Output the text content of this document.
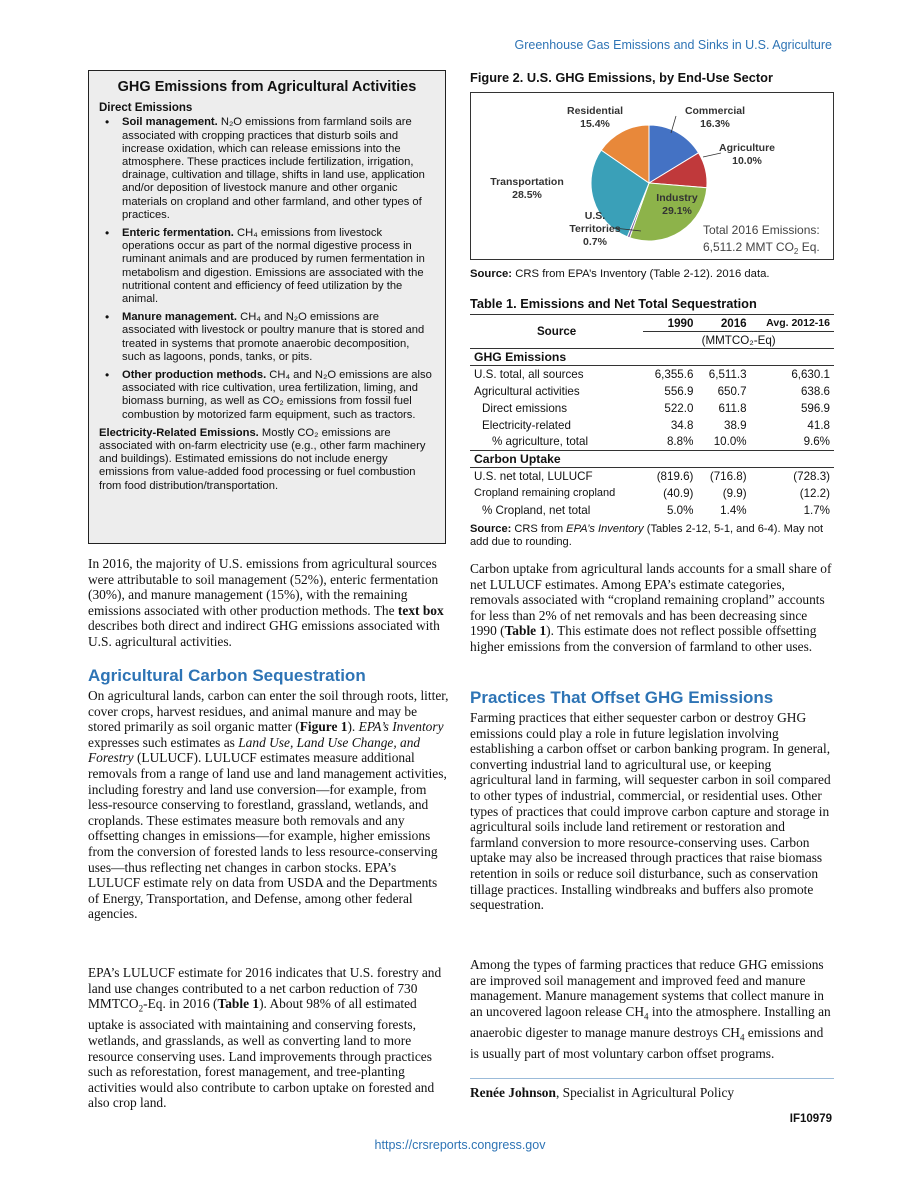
Greenhouse Gas Emissions and Sinks in U.S. Agriculture
GHG Emissions from Agricultural Activities
Direct Emissions
• Soil management. N₂O emissions from farmland soils are associated with cropping practices that disturb soils and increase oxidation, which can release emissions into the atmosphere. These practices include fertilization, irrigation, drainage, cultivation and tillage, shifts in land use, application and/or deposition of livestock manure and other organic materials on cropland and other farmland, and other types of practices.
• Enteric fermentation. CH₄ emissions from livestock operations occur as part of the normal digestive process in ruminant animals and are produced by rumen fermentation in metabolism and digestion. Emissions are associated with the nutritional content and efficiency of feed utilization by the animal.
• Manure management. CH₄ and N₂O emissions are associated with livestock or poultry manure that is stored and treated in systems that promote anaerobic decomposition, such as lagoons, ponds, tanks, or pits.
• Other production methods. CH₄ and N₂O emissions are also associated with rice cultivation, urea fertilization, liming, and biomass burning, as well as CO₂ emissions from fossil fuel combustion by motorized farm equipment, such as tractors.

Electricity-Related Emissions. Mostly CO₂ emissions are associated with on-farm electricity use (e.g., other farm machinery and buildings). Estimated emissions do not include energy emissions from value-added food processing or fuel combustion from food distribution/transportation.

In 2016, the majority of U.S. emissions from agricultural sources were attributable to soil management (52%), enteric fermentation (30%), and manure management (15%), with the remaining emissions associated with other production methods. The text box describes both direct and indirect GHG emissions associated with U.S. agricultural activities.

Agricultural Carbon Sequestration

On agricultural lands, carbon can enter the soil through roots, litter, cover crops, harvest residues, and animal manure and may be stored primarily as soil organic matter (Figure 1). EPA’s Inventory expresses such estimates as Land Use, Land Use Change, and Forestry (LULUCF). LULUCF estimates measure additional removals from a range of land use and land management activities, including forestry and land use conversion—for example, from less-resource conserving to forestland, grassland, wetlands, and croplands. These estimates measure both removals and any offsetting changes in emissions—for example, higher emissions from the conversion of forested lands to less resource-conserving uses—thus reflecting net changes in carbon stocks. EPA’s LULUCF estimate rely on data from USDA and the Departments of Energy, Transportation, and Defense, among other federal agencies.

EPA’s LULUCF estimate for 2016 indicates that U.S. forestry and land use changes contributed to a net carbon reduction of 730 $MMTCO_2-Eq$. in 2016 (Table 1). About 98% of all estimated uptake is associated with maintaining and conserving forests, wetlands, and grasslands, as well as converting land to more resource conserving uses. Land improvements through practices such as reforestation, forest management, and tree-planting activities would also contribute to carbon uptake on forested and also crop land.

Figure 2. U.S. GHG Emissions, by End-Use Sector
Commercial
16.3%
Agriculture
10.0%
Industry
29.1%
U.S.
Territories
0.7%
Transportation
28.5%
Residential
15.4%
Total 2016 Emissions:
6,511.2 MMT $CO_2$ Eq.
Source: CRS from EPA’s Inventory (Table 2-12). 2016 data.
Table 1. Emissions and Net Total Sequestration
Source	1990	2016	Avg. 2012-16
	(MMTCO₂-Eq)		
GHG Emissions			
U.S. total, all sources	6,355.6	6,511.3	6,630.1
Agricultural activities	556.9	650.7	638.6
Direct emissions	522.0	611.8	596.9
Electricity-related	34.8	38.9	41.8
% agriculture, total	8.8%	10.0%	9.6%
Carbon Uptake			
U.S. net total, LULUCF	(819.6)	(716.8)	(728.3)
Cropland remaining cropland	(40.9)	(9.9)	(12.2)
% Cropland, net total	5.0%	1.4%	1.7%
Source: CRS from EPA’s Inventory (Tables 2-12, 5-1, and 6-4). May not add due to rounding.

Carbon uptake from agricultural lands accounts for a small share of net LULUCF estimates. Among EPA’s estimate categories, removals associated with “cropland remaining cropland” accounts for less than 2% of net removals and has been decreasing since 1990 (Table 1). This estimate does not reflect possible offsetting higher emissions from the conversion of farmland to other uses.

Practices That Offset GHG Emissions

Farming practices that either sequester carbon or destroy GHG emissions could play a role in future legislation involving establishing a carbon offset or carbon banking program. In general, converting industrial land to agricultural use, or keeping agricultural land in farming, will sequester carbon in soil compared to other types of industrial, commercial, or residential uses. Other types of practices that could improve carbon capture and storage in agricultural soils include land retirement or restoration and farmland conversion to more resource-conserving uses. Carbon uptake may also be increased through practices that raise biomass retention in soils or reduce soil disturbance, such as conservation tillage practices. Installing windbreaks and buffers also promote sequestration.

Among the types of farming practices that reduce GHG emissions are improved soil management and improved feed and manure management. Manure management systems that collect manure in an uncovered lagoon release $CH_4$ into the atmosphere. Installing an anaerobic digester to manage manure destroys $CH_4$ emissions and is usually part of most voluntary carbon offset programs.

Renée Johnson, Specialist in Agricultural Policy

IF10979
https://crsreports.congress.gov
